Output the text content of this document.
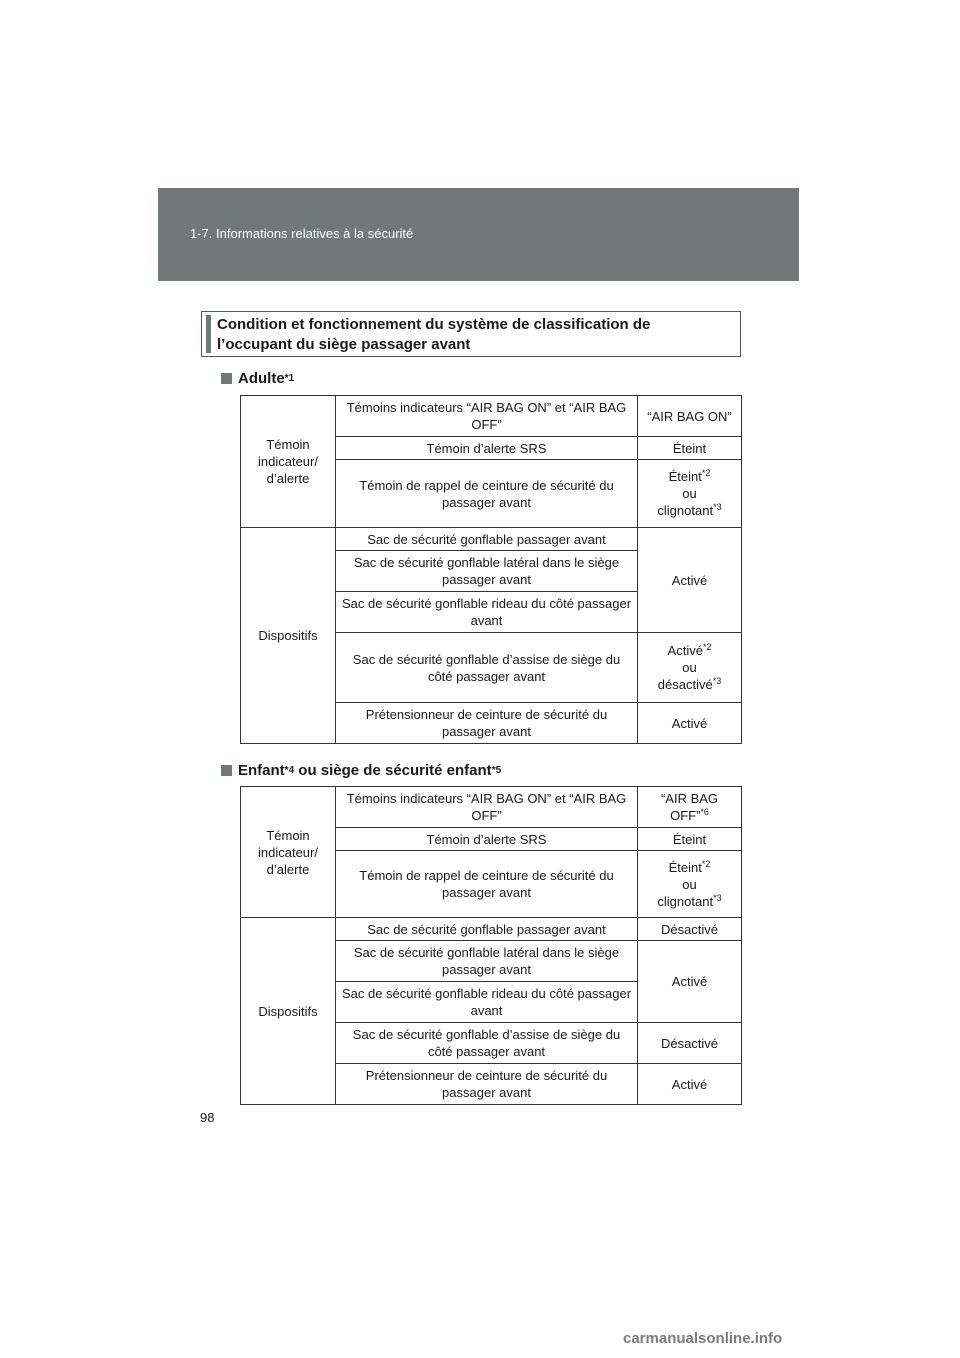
1-7. Informations relatives à la sécurité
Condition et fonctionnement du système de classification de
l’occupant du siège passager avant
Adulte *1
Témoin indicateur/ d’alerte	Témoins indicateurs “AIR BAG ON” et “AIR BAG OFF”	“AIR BAG ON”
	Témoin d’alerte SRS	Éteint
	Témoin de rappel de ceinture de sécurité du passager avant	Éteint$^{*2}$
ou
clignotant$^{*3}$

Dispositifs	Sac de sécurité gonflable passager avant	Activé
	Sac de sécurité gonflable latéral dans le siège passager avant	
	Sac de sécurité gonflable rideau du côté passager avant	
	Sac de sécurité gonflable d’assise de siège du côté passager avant	Activé$^{*2}$
ou
désactivé$^{*3}$

	Prétensionneur de ceinture de sécurité du passager avant	Activé
Enfant *4 ou siège de sécurité enfant *5
Témoin indicateur/ d’alerte	Témoins indicateurs “AIR BAG ON” et “AIR BAG OFF”	“AIR BAG OFF”$^{*6}$
	Témoin d’alerte SRS	Éteint
	Témoin de rappel de ceinture de sécurité du passager avant	Éteint$^{*2}$
ou
clignotant$^{*3}$

Dispositifs	Sac de sécurité gonflable passager avant	Désactivé
	Sac de sécurité gonflable latéral dans le siège passager avant	Activé
	Sac de sécurité gonflable rideau du côté passager avant	
	Sac de sécurité gonflable d’assise de siège du côté passager avant	Désactivé
	Prétensionneur de ceinture de sécurité du passager avant	Activé
98
carmanualsonline.info
